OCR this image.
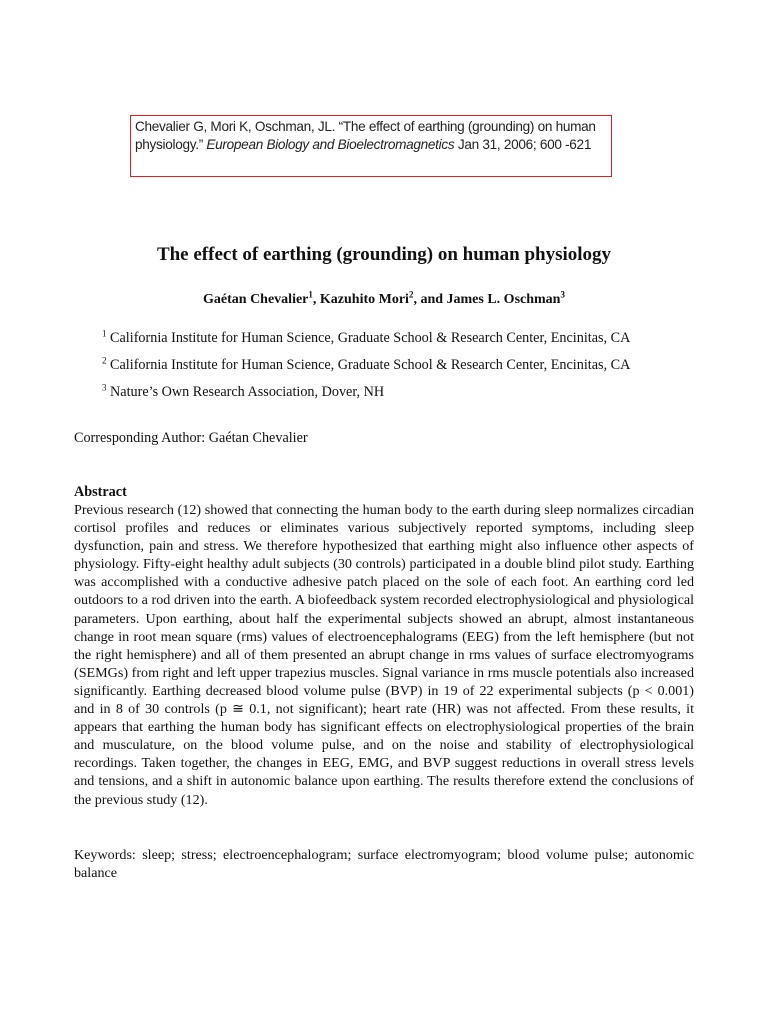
Chevalier G, Mori K, Oschman, JL. “The effect of earthing (grounding) on human physiology.” European Biology and Bioelectromagnetics Jan 31, 2006; 600 -621
The effect of earthing (grounding) on human physiology

Gaétan Chevalier$^1$, Kazuhito Mori$^2$, and James L. Oschman$^3$

$^1$ California Institute for Human Science, Graduate School & Research Center, Encinitas, CA

$^2$ California Institute for Human Science, Graduate School & Research Center, Encinitas, CA

$^3$ Nature’s Own Research Association, Dover, NH

Corresponding Author: Gaétan Chevalier

Abstract

Previous research (12) showed that connecting the human body to the earth during sleep normalizes circadian cortisol profiles and reduces or eliminates various subjectively reported symptoms, including sleep dysfunction, pain and stress. We therefore hypothesized that earthing might also influence other aspects of physiology. Fifty-eight healthy adult subjects (30 controls) participated in a double blind pilot study. Earthing was accomplished with a conductive adhesive patch placed on the sole of each foot. An earthing cord led outdoors to a rod driven into the earth. A biofeedback system recorded electrophysiological and physiological parameters. Upon earthing, about half the experimental subjects showed an abrupt, almost instantaneous change in root mean square (rms) values of electroencephalograms (EEG) from the left hemisphere (but not the right hemisphere) and all of them presented an abrupt change in rms values of surface electromyograms (SEMGs) from right and left upper trapezius muscles. Signal variance in rms muscle potentials also increased significantly. Earthing decreased blood volume pulse (BVP) in 19 of 22 experimental subjects (p < 0.001) and in 8 of 30 controls (p ≅ 0.1, not significant); heart rate (HR) was not affected. From these results, it appears that earthing the human body has significant effects on electrophysiological properties of the brain and musculature, on the blood volume pulse, and on the noise and stability of electrophysiological recordings. Taken together, the changes in EEG, EMG, and BVP suggest reductions in overall stress levels and tensions, and a shift in autonomic balance upon earthing. The results therefore extend the conclusions of the previous study (12).

Keywords: sleep; stress; electroencephalogram; surface electromyogram; blood volume pulse; autonomic balance
